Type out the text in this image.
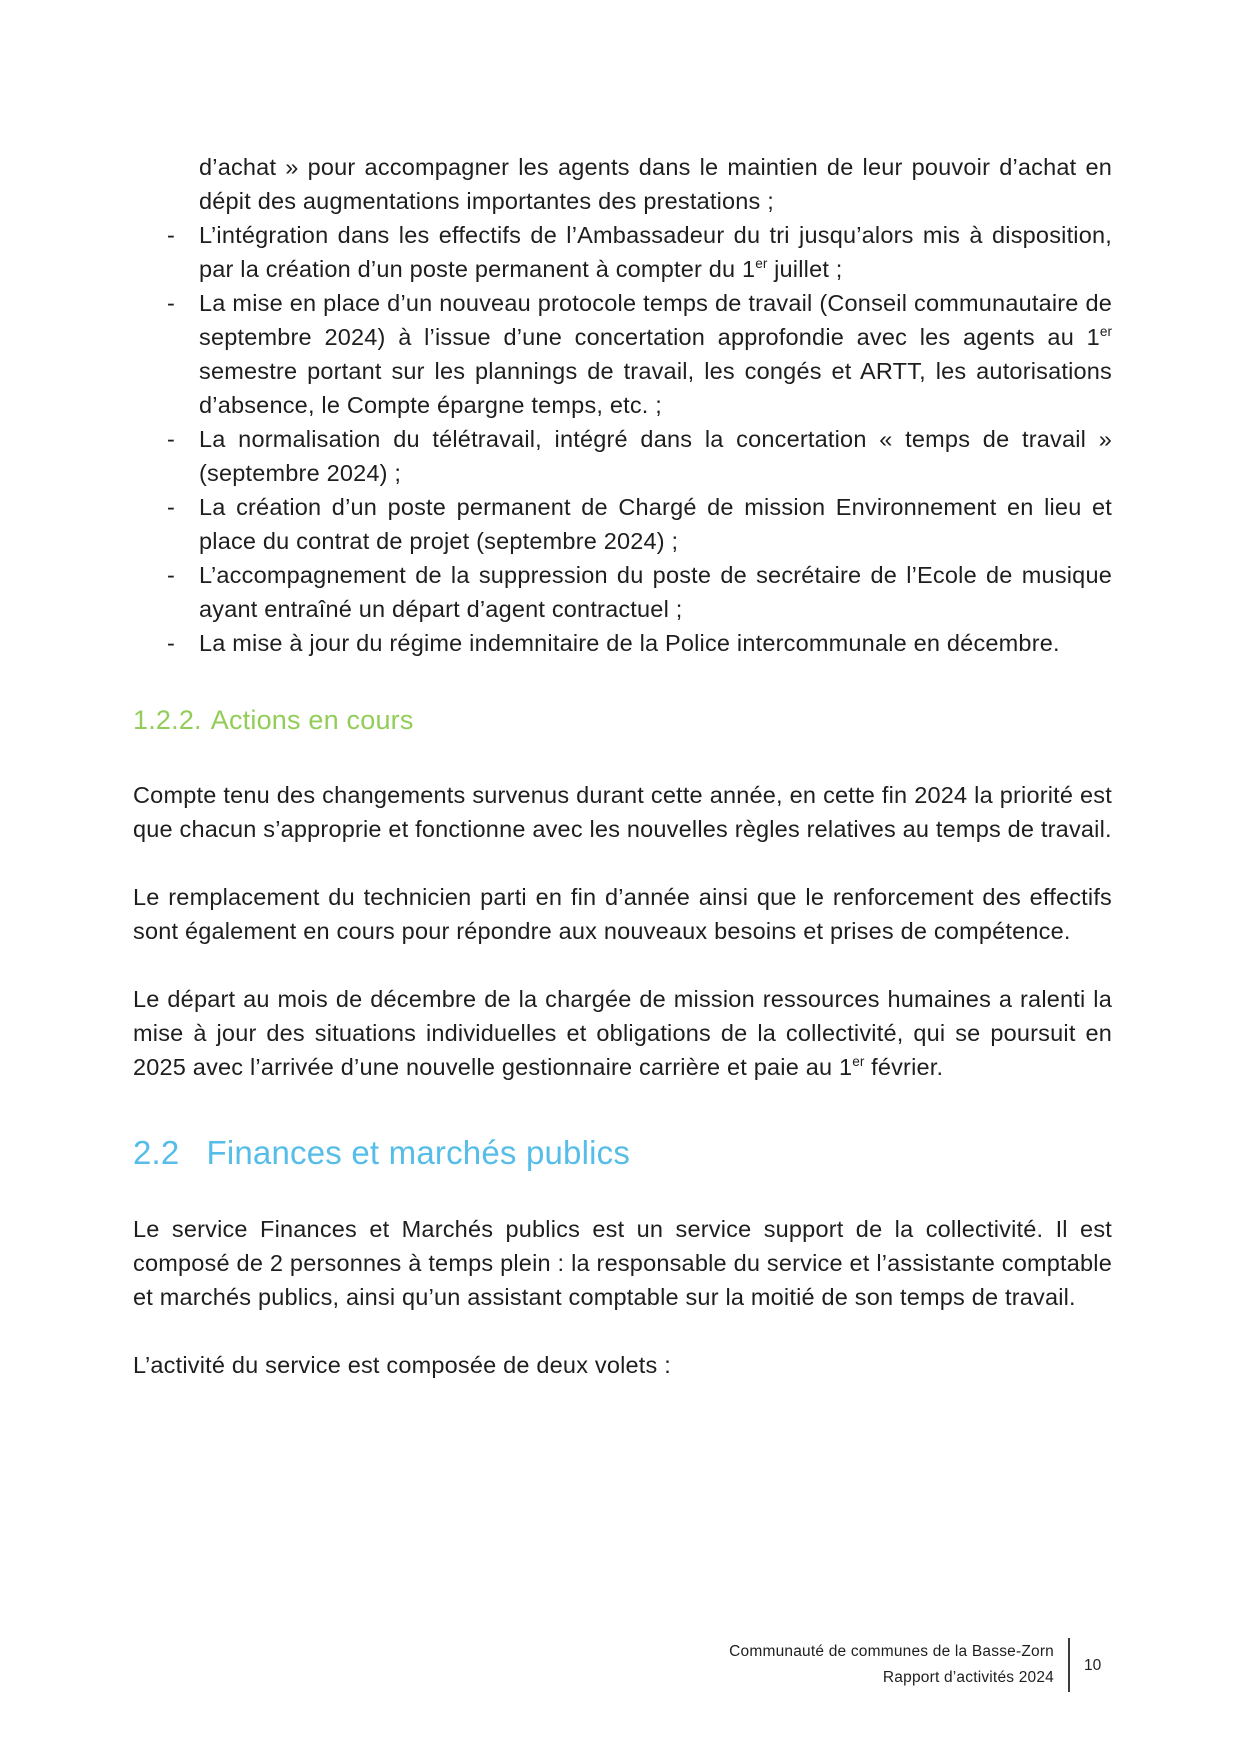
d’achat » pour accompagner les agents dans le maintien de leur pouvoir d’achat en dépit des augmentations importantes des prestations ;

-	L’intégration dans les effectifs de l’Ambassadeur du tri jusqu’alors mis à disposition, par la création d’un poste permanent à compter du 1er juillet ;

-	La mise en place d’un nouveau protocole temps de travail (Conseil communautaire de septembre 2024) à l’issue d’une concertation approfondie avec les agents au 1er semestre portant sur les plannings de travail, les congés et ARTT, les autorisations d’absence, le Compte épargne temps, etc. ;

-	La normalisation du télétravail, intégré dans la concertation « temps de travail » (septembre 2024) ;

-	La création d’un poste permanent de Chargé de mission Environnement en lieu et place du contrat de projet (septembre 2024) ;

-	L’accompagnement de la suppression du poste de secrétaire de l’Ecole de musique ayant entraîné un départ d’agent contractuel ;

-	La mise à jour du régime indemnitaire de la Police intercommunale en décembre.

1.2.2. Actions en cours

Compte tenu des changements survenus durant cette année, en cette fin 2024 la priorité est que chacun s’approprie et fonctionne avec les nouvelles règles relatives au temps de travail.

Le remplacement du technicien parti en fin d’année ainsi que le renforcement des effectifs sont également en cours pour répondre aux nouveaux besoins et prises de compétence.

Le départ au mois de décembre de la chargée de mission ressources humaines a ralenti la mise à jour des situations individuelles et obligations de la collectivité, qui se poursuit en 2025 avec l’arrivée d’une nouvelle gestionnaire carrière et paie au 1er février.

2.2 Finances et marchés publics

Le service Finances et Marchés publics est un service support de la collectivité. Il est composé de 2 personnes à temps plein : la responsable du service et l’assistante comptable et marchés publics, ainsi qu’un assistant comptable sur la moitié de son temps de travail.

L’activité du service est composée de deux volets :

Communauté de communes de la Basse-Zorn
Rapport d’activités 2024
10
